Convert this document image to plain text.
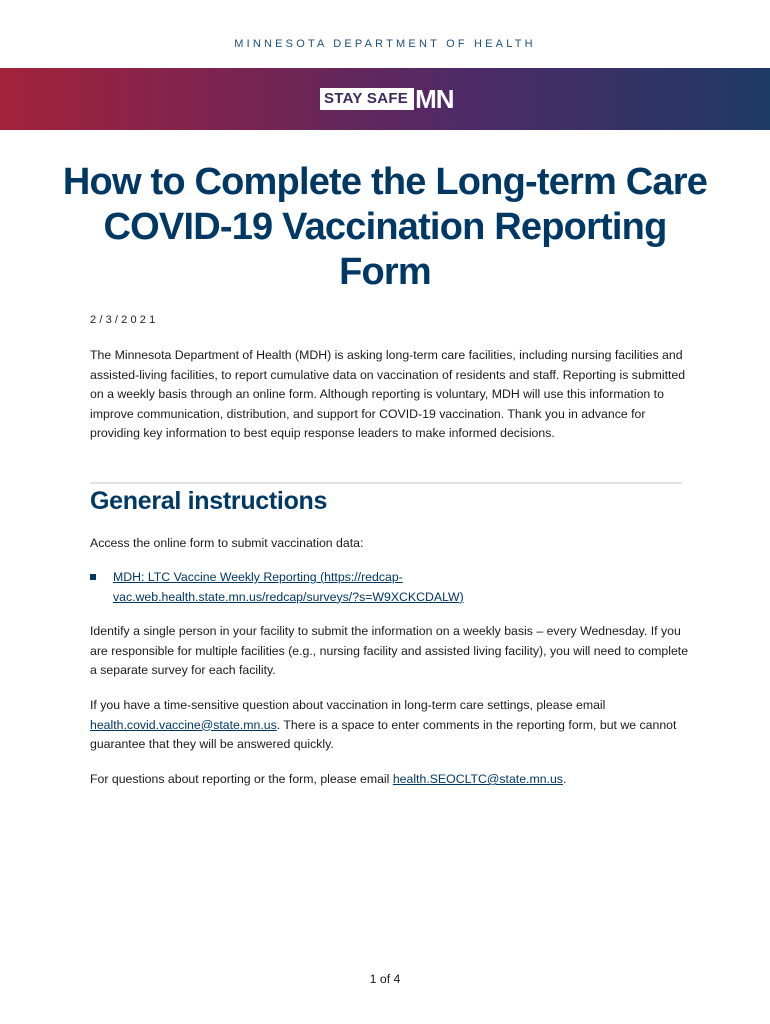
MINNESOTA DEPARTMENT OF HEALTH
STAY SAFE MN
How to Complete the Long-term Care COVID-19 Vaccination Reporting Form
2/3/2021

The Minnesota Department of Health (MDH) is asking long-term care facilities, including nursing facilities and assisted-living facilities, to report cumulative data on vaccination of residents and staff. Reporting is submitted on a weekly basis through an online form. Although reporting is voluntary, MDH will use this information to improve communication, distribution, and support for COVID-19 vaccination. Thank you in advance for providing key information to best equip response leaders to make informed decisions.

General instructions

Access the online form to submit vaccination data:

MDH: LTC Vaccine Weekly Reporting (https://redcap-vac.web.health.state.mn.us/redcap/surveys/?s=W9XCKCDALW)

Identify a single person in your facility to submit the information on a weekly basis – every Wednesday. If you are responsible for multiple facilities (e.g., nursing facility and assisted living facility), you will need to complete a separate survey for each facility.

If you have a time-sensitive question about vaccination in long-term care settings, please email health.covid.vaccine@state.mn.us. There is a space to enter comments in the reporting form, but we cannot guarantee that they will be answered quickly.

For questions about reporting or the form, please email health.SEOCLTC@state.mn.us.

1 of 4
